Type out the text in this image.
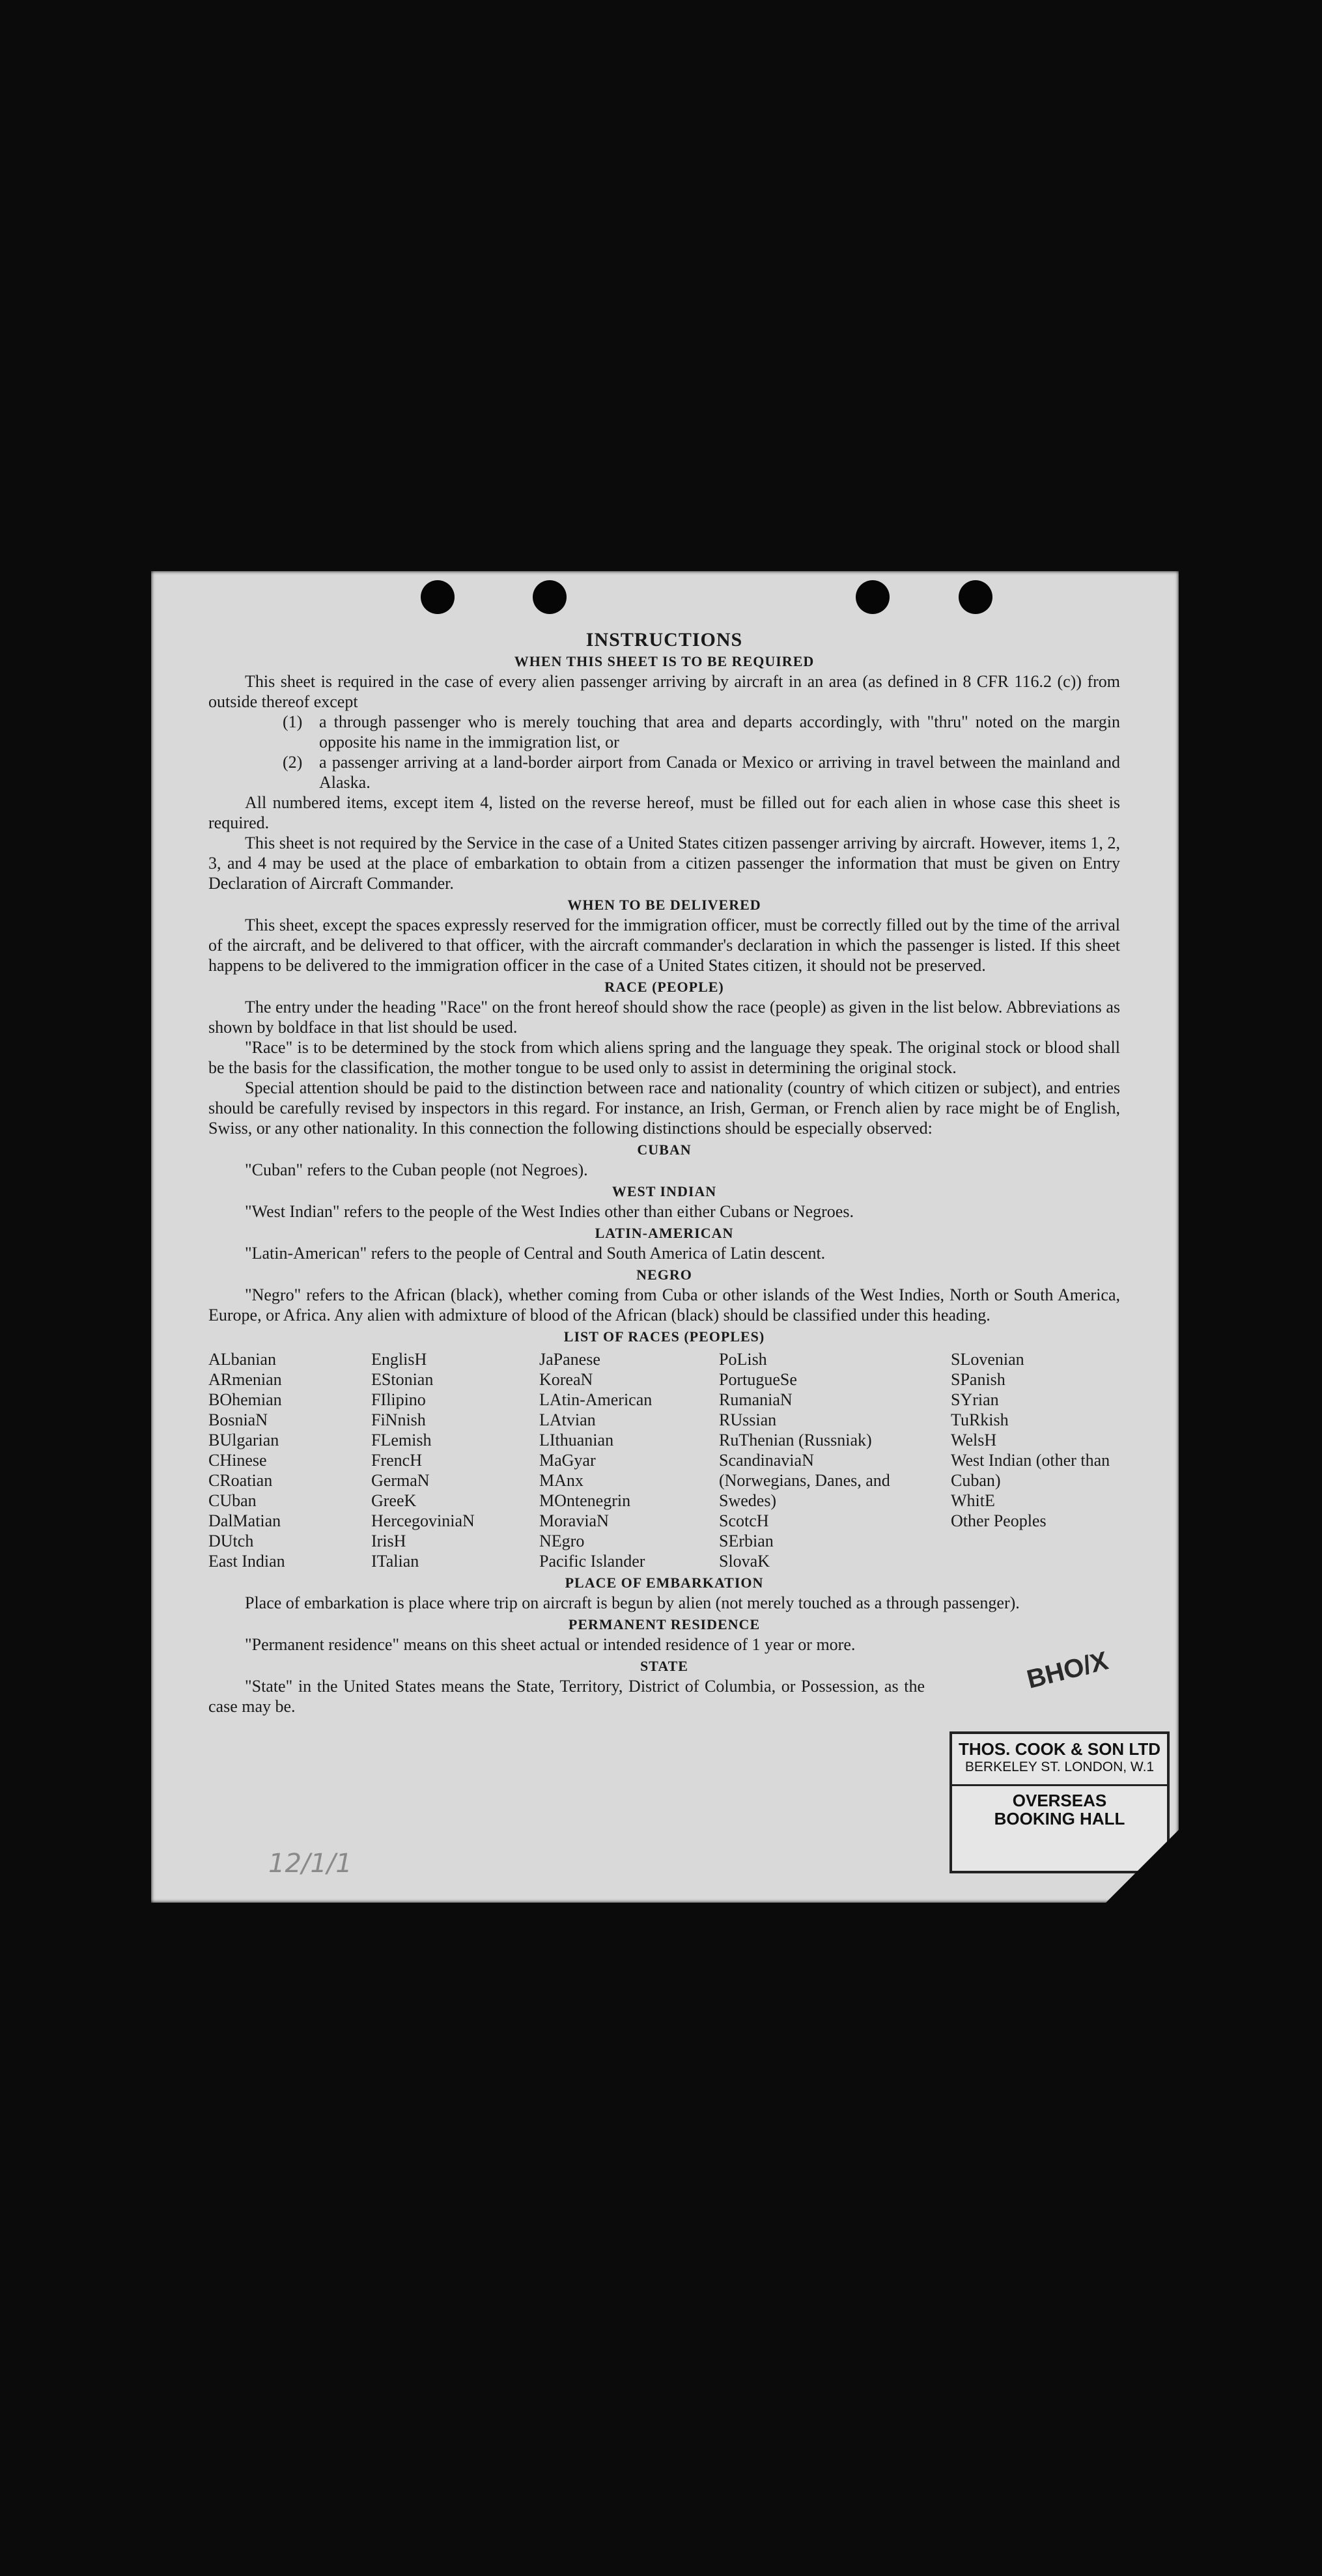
INSTRUCTIONS
WHEN THIS SHEET IS TO BE REQUIRED

This sheet is required in the case of every alien passenger arriving by aircraft in an area (as defined in 8 CFR 116.2 (c)) from outside thereof except

(1) a through passenger who is merely touching that area and departs accordingly, with "thru" noted on the margin opposite his name in the immigration list, or
(2) a passenger arriving at a land-border airport from Canada or Mexico or arriving in travel between the mainland and Alaska.

All numbered items, except item 4, listed on the reverse hereof, must be filled out for each alien in whose case this sheet is required.

This sheet is not required by the Service in the case of a United States citizen passenger arriving by aircraft. However, items 1, 2, 3, and 4 may be used at the place of embarkation to obtain from a citizen passenger the information that must be given on Entry Declaration of Aircraft Commander.

WHEN TO BE DELIVERED

This sheet, except the spaces expressly reserved for the immigration officer, must be correctly filled out by the time of the arrival of the aircraft, and be delivered to that officer, with the aircraft commander's declaration in which the passenger is listed. If this sheet happens to be delivered to the immigration officer in the case of a United States citizen, it should not be preserved.

RACE (PEOPLE)

The entry under the heading "Race" on the front hereof should show the race (people) as given in the list below. Abbreviations as shown by boldface in that list should be used.

"Race" is to be determined by the stock from which aliens spring and the language they speak. The original stock or blood shall be the basis for the classification, the mother tongue to be used only to assist in determining the original stock.

Special attention should be paid to the distinction between race and nationality (country of which citizen or subject), and entries should be carefully revised by inspectors in this regard. For instance, an Irish, German, or French alien by race might be of English, Swiss, or any other nationality. In this connection the following distinctions should be especially observed:

CUBAN

"Cuban" refers to the Cuban people (not Negroes).

WEST INDIAN

"West Indian" refers to the people of the West Indies other than either Cubans or Negroes.

LATIN-AMERICAN

"Latin-American" refers to the people of Central and South America of Latin descent.

NEGRO

"Negro" refers to the African (black), whether coming from Cuba or other islands of the West Indies, North or South America, Europe, or Africa. Any alien with admixture of blood of the African (black) should be classified under this heading.

LIST OF RACES (PEOPLES)
ALbanian
ARmenian
BOhemian
BosniaN
BUlgarian
CHinese
CRoatian
CUban
DalMatian
DUtch
East Indian
EnglisH
EStonian
FIlipino
FiNnish
FLemish
FrencH
GermaN
GreeK
HercegovinіaN
IrisH
ITalian
JaPanese
KoreaN
LAtin-American
LAtvian
LIthuanian
MaGyar
MAnx
MOntenegrin
MoraviaN
NEgro
Pacific Islander
PoLish
PortugueSe
RumaniaN
RUssian
RuThenian (Russniak)
ScandinaviaN (Norwegians, Danes, and Swedes)
ScotcH
SErbian
SlovaK
SLovenian
SPanish
SYrian
TuRkish
WelsH
West Indian (other than Cuban)
WhitE
Other Peoples
PLACE OF EMBARKATION

Place of embarkation is place where trip on aircraft is begun by alien (not merely touched as a through passenger).

PERMANENT RESIDENCE

"Permanent residence" means on this sheet actual or intended residence of 1 year or more.

STATE

"State" in the United States means the State, Territory, District of Columbia, or Possession, as the case may be.

BHO/X
THOS. COOK & SON LTD
BERKELEY ST. LONDON, W.1
OVERSEAS
BOOKING HALL
12/1/1
